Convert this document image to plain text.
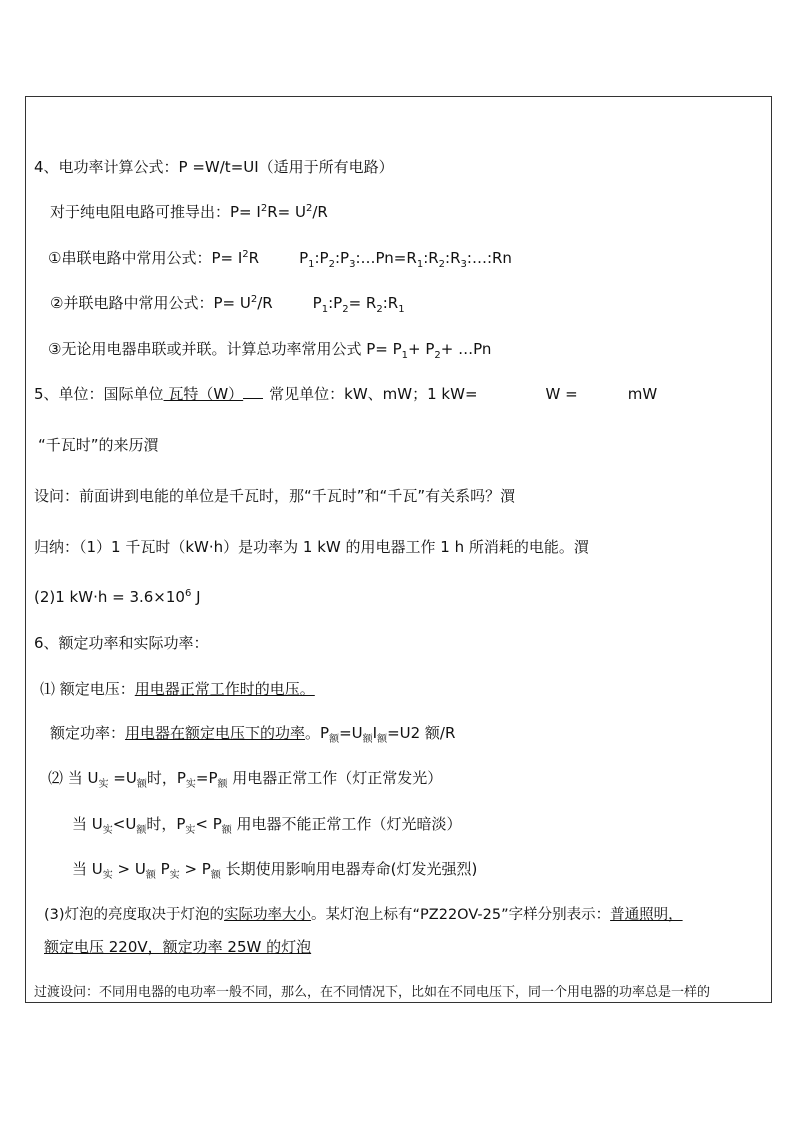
4、电功率计算公式：P =W/t=UI（适用于所有电路）
对于纯电阻电路可推导出：$P= I^2R= U^2/R$
①串联电路中常用公式：$P= I^2R$	$P_1:P_2:P_3:\dots Pn=R_1:R_2:R_3:\dots:Rn$
②并联电路中常用公式：$P= U^2/R$	$P_1:P_2=$ $R_2:R_1$
③无论用电器串联或并联。计算总功率常用公式 $P= P_1+ P_2+$ …Pn
5、单位：国际单位 瓦特（W） 常见单位：kW、mW；1 kW=	W =	mW
“千瓦时”的来历㵋
设问：前面讲到电能的单位是千瓦时，那“千瓦时”和“千瓦”有关系吗？㵋
归纳：（1）1 千瓦时（kW·h）是功率为 1 kW 的用电器工作 1 h 所消耗的电能。㵋
(2)1 $kW\cdot h = 3.6\times 10^6$ J
6、额定功率和实际功率：
⑴ 额定电压：用电器正常工作时的电压。
额定功率：用电器在额定电压下的功率。$P_额=U_额I_额=U2$ 额/R
⑵ 当 $U_实 =U_额$时，$P_实=P_额$ 用电器正常工作（灯正常发光）
当 $U_实<U_额$时，$P_实< P_额$ 用电器不能正常工作（灯光暗淡）
当 $U_实 > U_额$ $P_实 > P_额$ 长期使用影响用电器寿命(灯发光强烈)
(3)灯泡的亮度取决于灯泡的实际功率大小。某灯泡上标有“PZ22OV-25”字样分别表示：普通照明，
额定电压 220V，额定功率 25W 的灯泡
过渡设问：不同用电器的电功率一般不同，那么，在不同情况下，比如在不同电压下，同一个用电器的功率总是一样的
